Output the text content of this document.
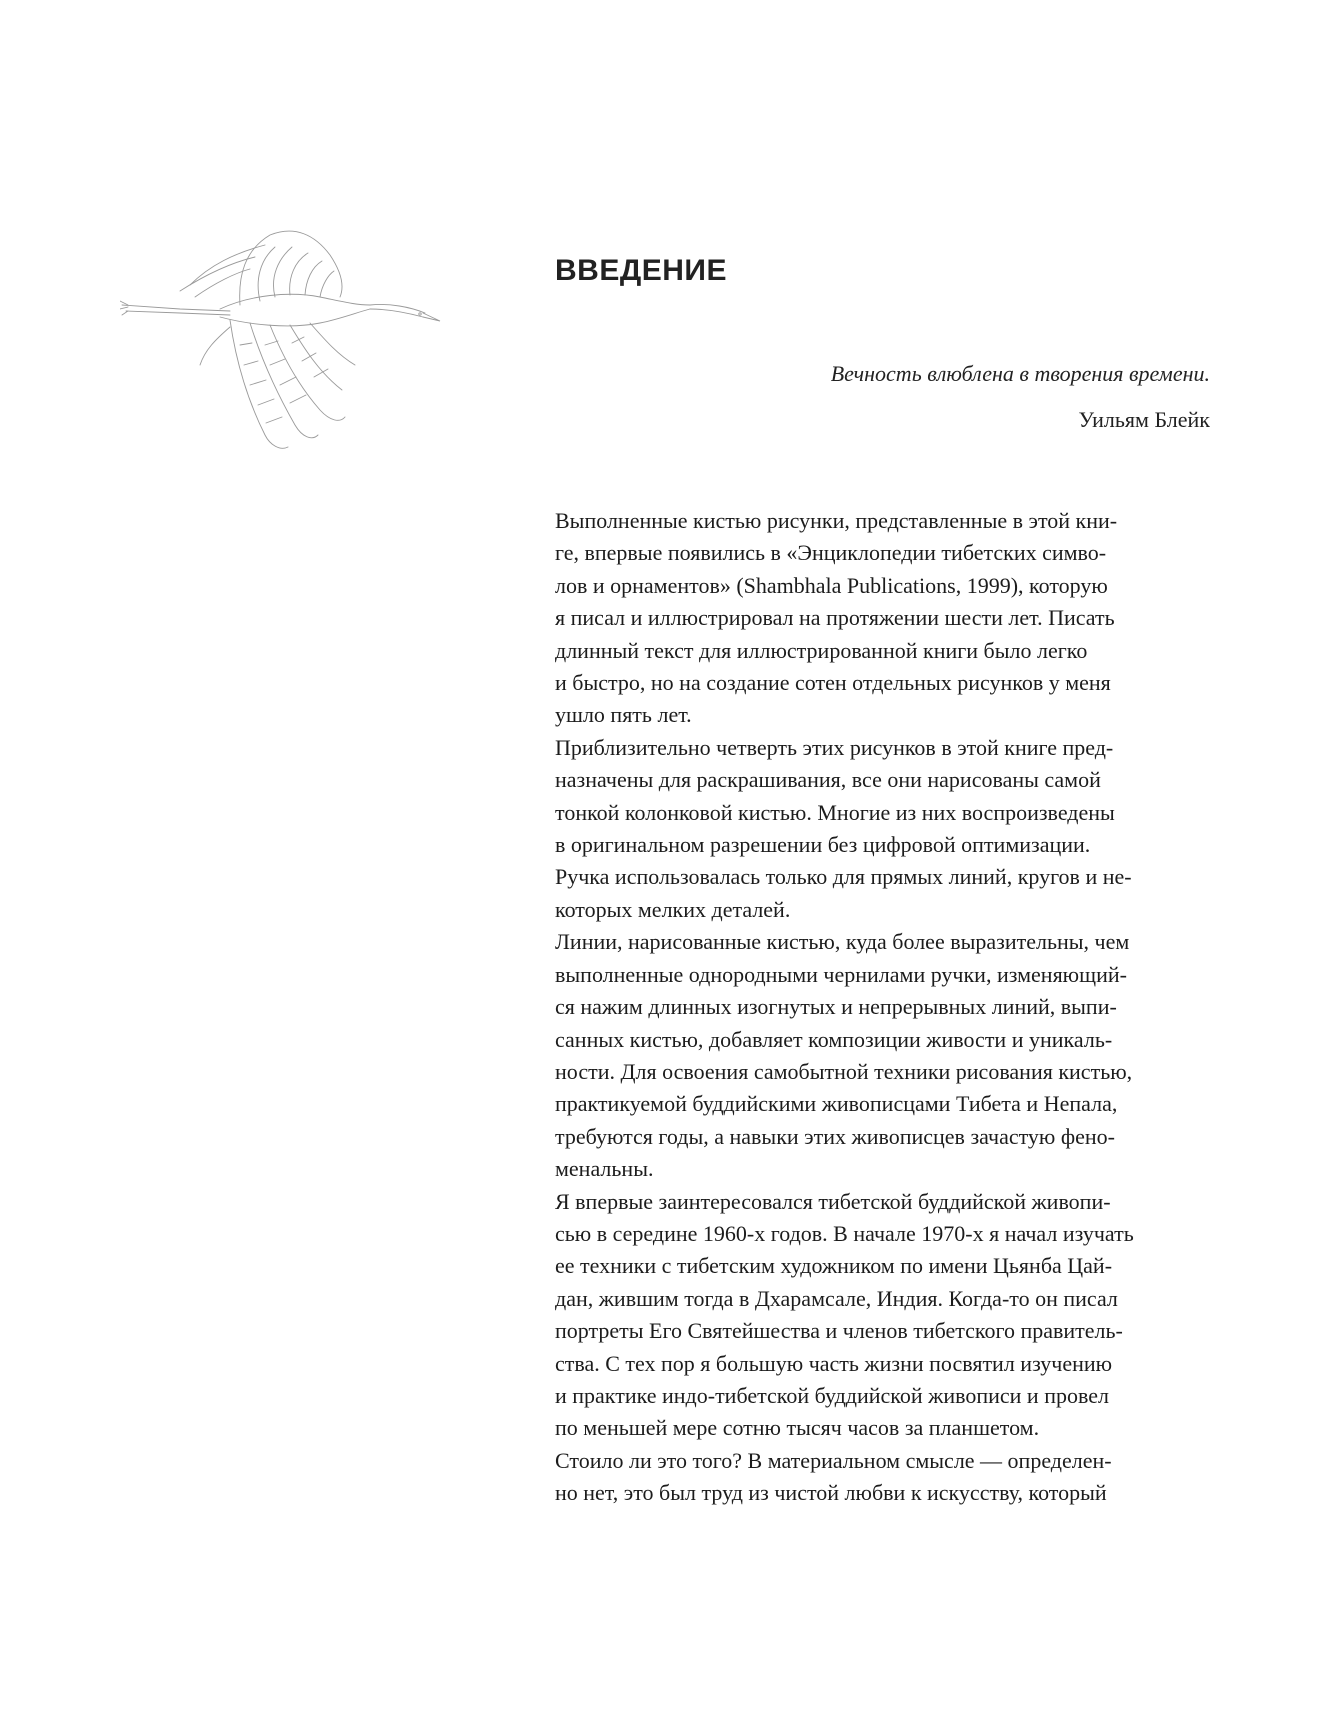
ВВЕДЕНИЕ
Вечность влюблена в творения времени.
Уильям Блейк
Выполненные кистью рисунки, представленные в этой кни-
ге, впервые появились в «Энциклопедии тибетских симво-
лов и орнаментов» (Shambhala Publications, 1999), которую
я писал и иллюстрировал на протяжении шести лет. Писать
длинный текст для иллюстрированной книги было легко
и быстро, но на создание сотен отдельных рисунков у меня
ушло пять лет.
Приблизительно четверть этих рисунков в этой книге пред-
назначены для раскрашивания, все они нарисованы самой
тонкой колонковой кистью. Многие из них воспроизведены
в оригинальном разрешении без цифровой оптимизации.
Ручка использовалась только для прямых линий, кругов и не-
которых мелких деталей.
Линии, нарисованные кистью, куда более выразительны, чем
выполненные однородными чернилами ручки, изменяющий-
ся нажим длинных изогнутых и непрерывных линий, выпи-
санных кистью, добавляет композиции живости и уникаль-
ности. Для освоения самобытной техники рисования кистью,
практикуемой буддийскими живописцами Тибета и Непала,
требуются годы, а навыки этих живописцев зачастую фено-
менальны.
Я впервые заинтересовался тибетской буддийской живопи-
сью в середине 1960-х годов. В начале 1970-х я начал изучать
ее техники с тибетским художником по имени Цьянба Цай-
дан, жившим тогда в Дхарамсале, Индия. Когда-то он писал
портреты Его Святейшества и членов тибетского правитель-
ства. С тех пор я большую часть жизни посвятил изучению
и практике индо-тибетской буддийской живописи и провел
по меньшей мере сотню тысяч часов за планшетом.
Стоило ли это того? В материальном смысле — определен-
но нет, это был труд из чистой любви к искусству, который
